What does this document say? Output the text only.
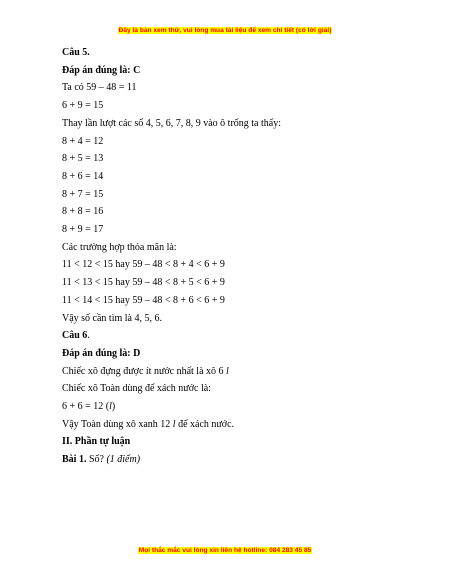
Đây là bản xem thử, vui lòng mua tài liệu để xem chi tiết (có lời giải)
Câu 5.
Đáp án đúng là: C
Ta có 59 – 48 = 11
6 + 9 = 15
Thay lần lượt các số 4, 5, 6, 7, 8, 9 vào ô trống ta thấy:
8 + 4 = 12
8 + 5 = 13
8 + 6 = 14
8 + 7 = 15
8 + 8 = 16
8 + 9 = 17
Các trường hợp thỏa mãn là:
11 < 12 < 15 hay 59 – 48 < 8 + 4 < 6 + 9
11 < 13 < 15 hay 59 – 48 < 8 + 5 < 6 + 9
11 < 14 < 15 hay 59 – 48 < 8 + 6 < 6 + 9
Vậy số cần tìm là 4, 5, 6.
Câu 6.
Đáp án đúng là: D
Chiếc xô đựng được ít nước nhất là xô 6 l
Chiếc xô Toàn dùng để xách nước là:
6 + 6 = 12 (l)
Vậy Toàn dùng xô xanh 12 l để xách nước.
II. Phần tự luận
Bài 1. Số? (1 điểm)
Mọi thắc mắc vui lòng xin liên hệ hotline: 084 283 45 85
